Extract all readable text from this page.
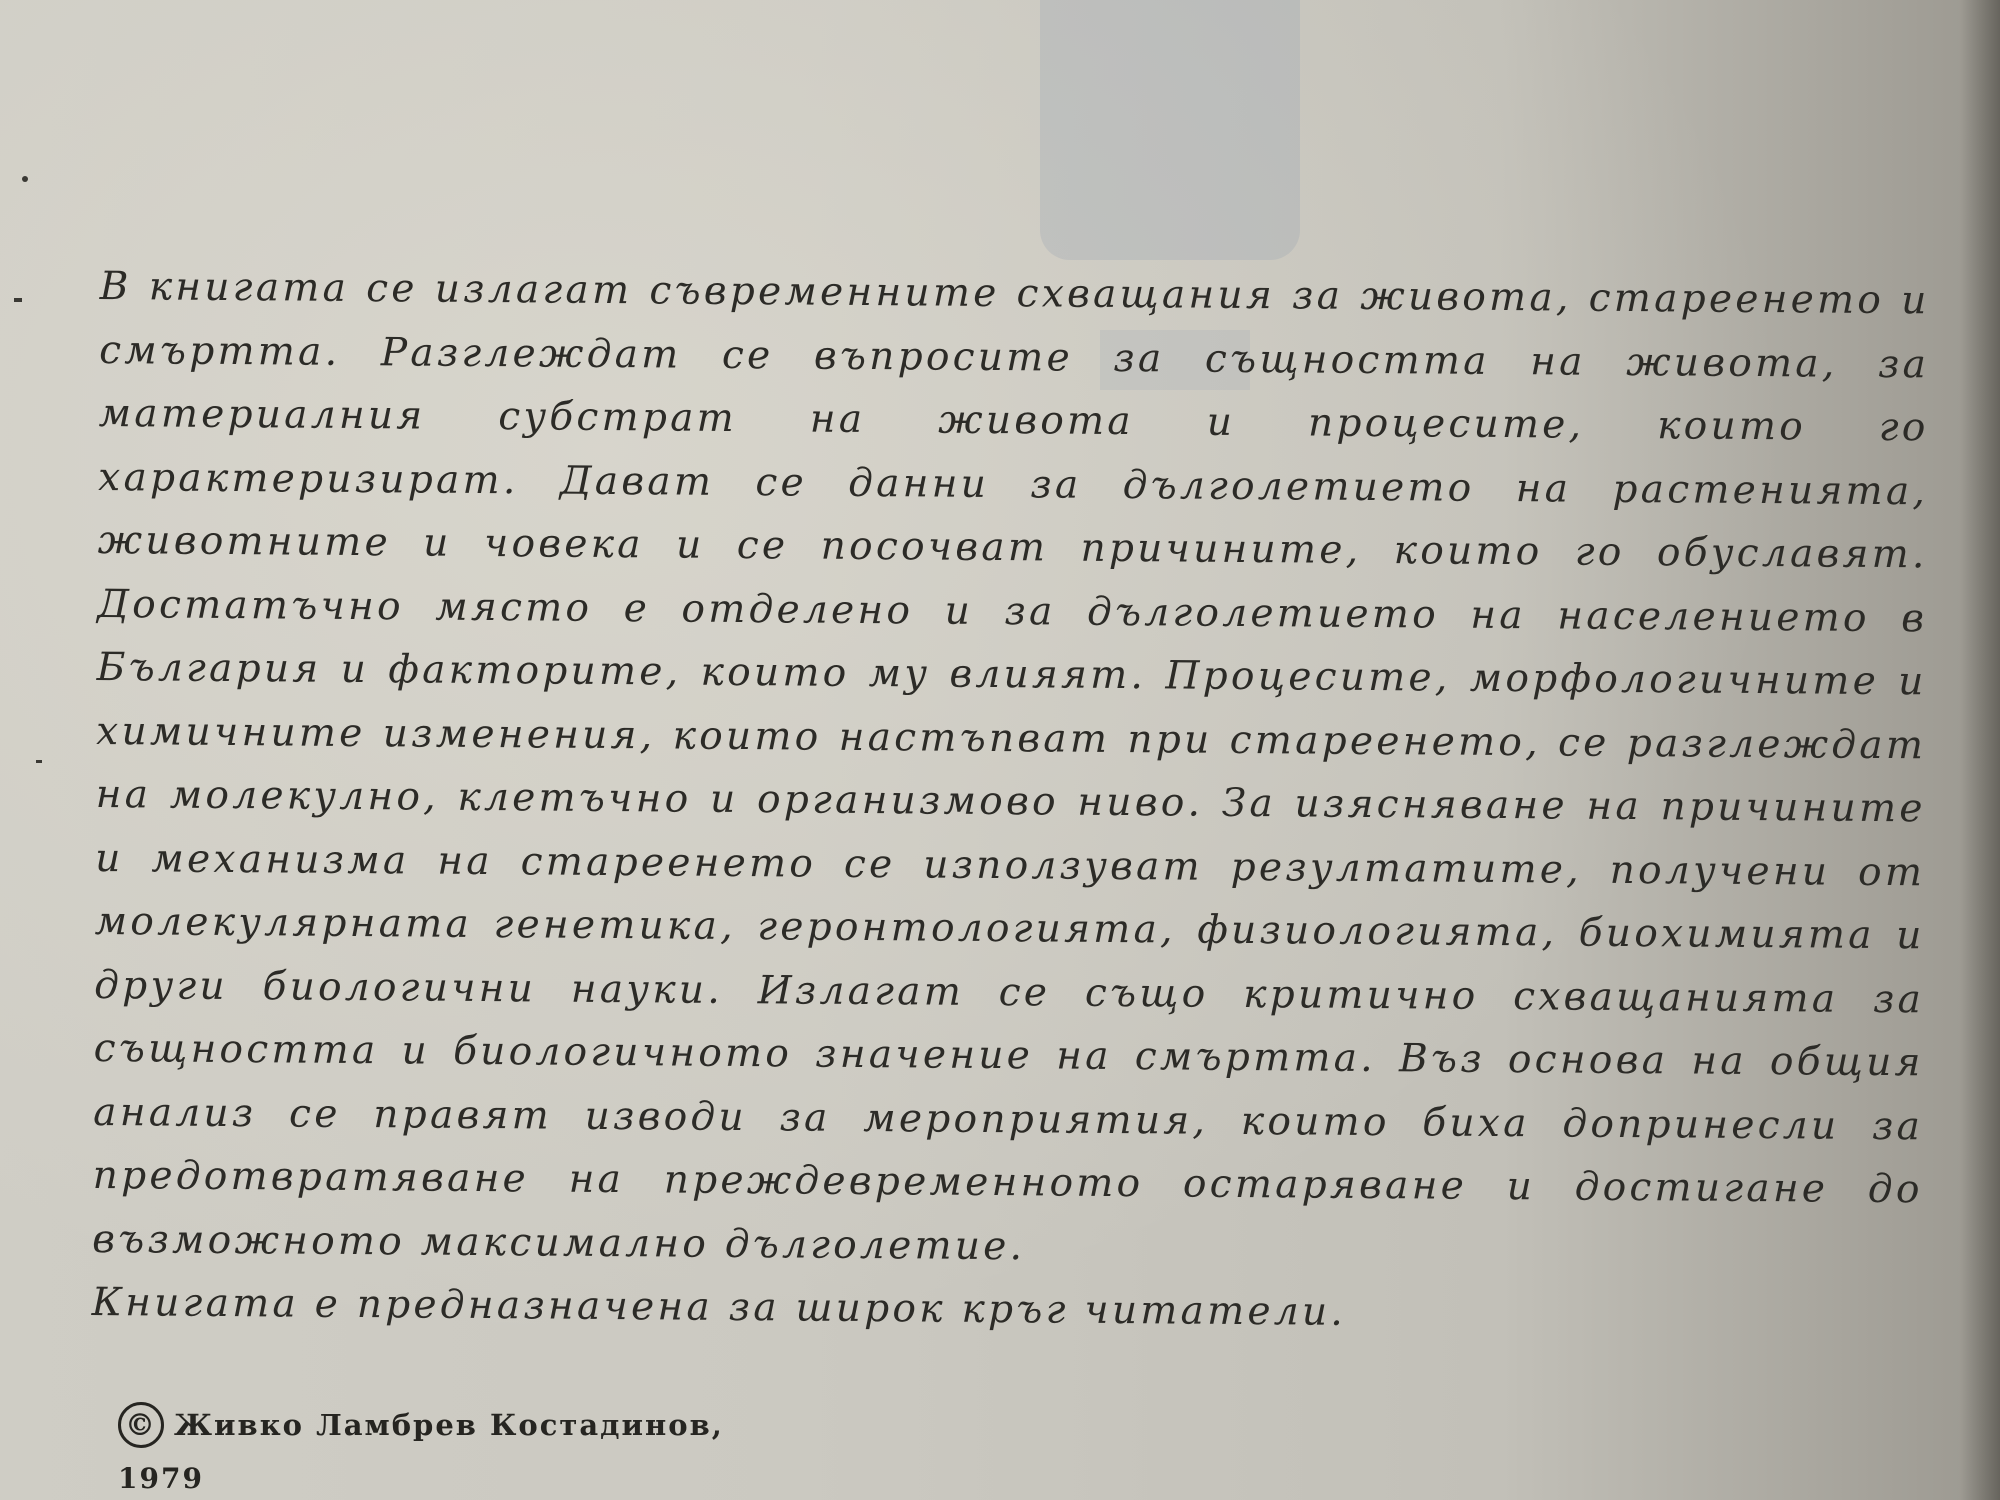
В книгата се излагат съвременните схващания за живота, стареенето и смъртта. Разглеждат се въпросите за същността на живота, за материалния субстрат на живота и процесите, които го характеризират. Дават се данни за дълголетието на растенията, животните и човека и се посочват причините, които го обуславят. Достатъчно място е отделено и за дълголетието на населението в България и факторите, които му влияят. Процесите, морфологичните и химичните изменения, които настъпват при стареенето, се разглеждат на молекулно, клетъчно и организмово ниво. За изясняване на причините и механизма на стареенето се използуват резултатите, получени от молекулярната генетика, геронтологията, физиологията, биохимията и други биологични науки. Излагат се също критично схващанията за същността и биологичното значение на смъртта. Въз основа на общия анализ се правят изводи за мероприятия, които биха допринесли за предотвратяване на преждевременното остаряване и достигане до възможното максимално дълголетие.

Книгата е предназначена за широк кръг читатели.

© Живко Ламбрев Костадинов,
1979
